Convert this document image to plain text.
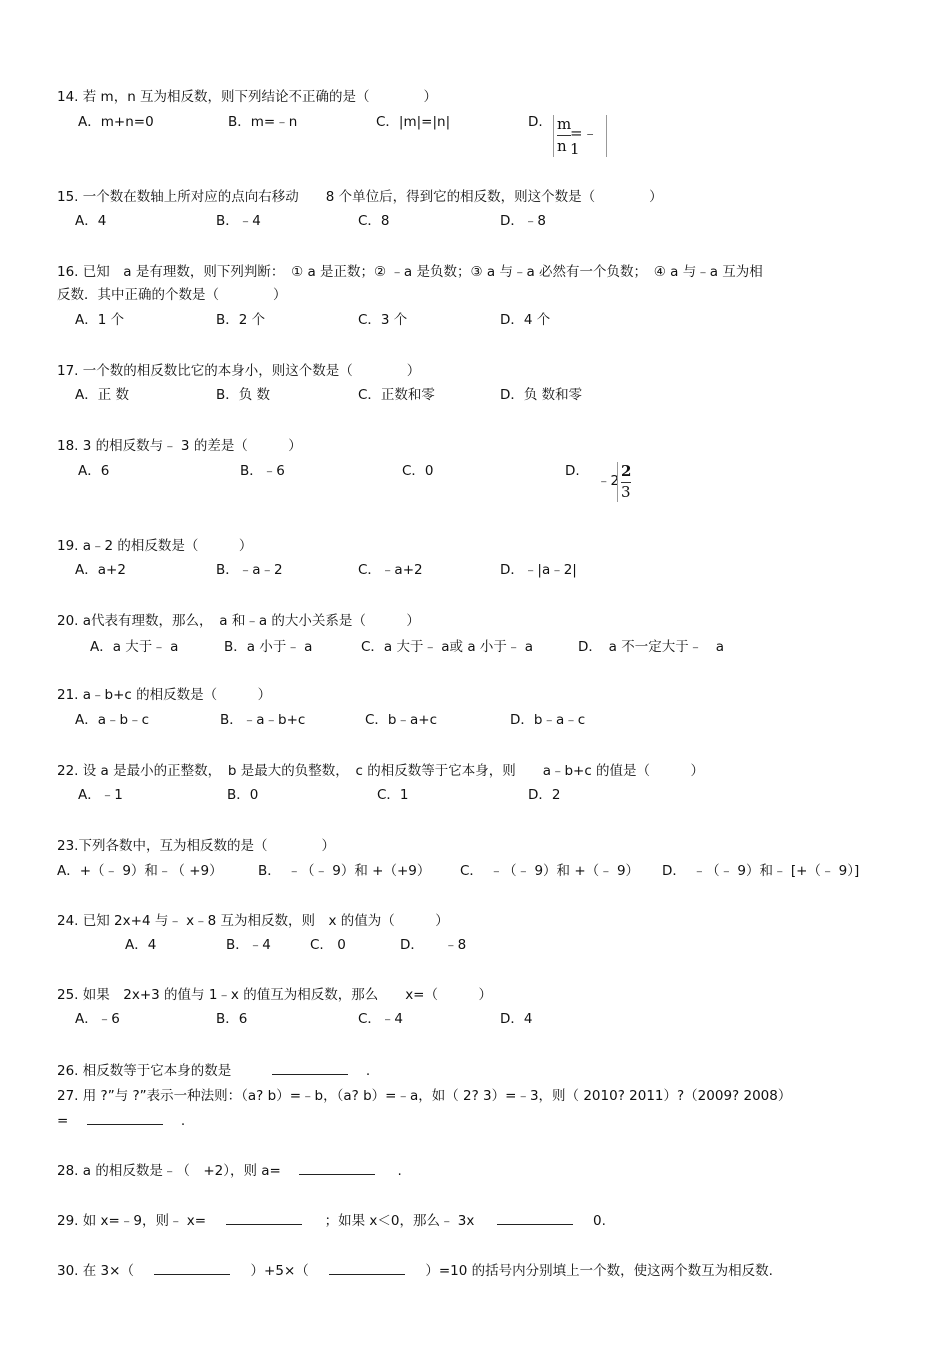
14. 若 m，n 互为相反数，则下列结论不正确的是（　　　　）
A．m+n=0	B．m=﹣n	C．|m|=|n|	D. m
n
=﹣1
15. 一个数在数轴上所对应的点向右移动　　8 个单位后，得到它的相反数，则这个数是（　　　　）
A．4	B．﹣4	C．8	D．﹣8
16. 已知　a 是有理数，则下列判断：　① a 是正数；② ﹣a 是负数；③ a 与﹣a 必然有一个负数；　④ a 与﹣a 互为相
反数．其中正确的个数是（　　　　）
A．1 个	B．2 个	C．3 个	D．4 个
17. 一个数的相反数比它的本身小，则这个数是（　　　　）
A．正 数	B．负 数	C．正数和零	D．负 数和零
18. 3 的相反数与﹣ 3 的差是（　　　）
A．6	B．﹣6	C．0	D.
﹣2
2
3
19. a﹣2 的相反数是（　　　）
A．a+2	B．﹣a﹣2	C．﹣a+2	D．﹣|a﹣2|
20. a代表有理数，那么，　a 和﹣a 的大小关系是（　　　）
A．a 大于﹣ a	B．a 小于﹣ a	C．a 大于﹣ a或 a 小于﹣ a	D．　a 不一定大于﹣　a
21. a﹣b+c 的相反数是（　　　）
A．a﹣b﹣c	B．﹣a﹣b+c	C．b﹣a+c	D．b﹣a﹣c
22. 设 a 是最小的正整数，　b 是最大的负整数，　c 的相反数等于它本身，则　　a﹣b+c 的值是（　　　）
A．﹣1	B．0	C．1	D．2
23.下列各数中，互为相反数的是（　　　　）
A．+（﹣ 9）和﹣（ +9）	B．　﹣（﹣ 9）和 +（+9） C．　﹣（﹣ 9）和 +（﹣ 9） D．　﹣（﹣ 9）和﹣ [+（﹣ 9）]
24. 已知 2x+4 与﹣ x﹣8 互为相反数，则　x 的值为（　　　）
A．4	B．﹣4	C.　0	D．　　﹣8
25. 如果　2x+3 的值与 1﹣x 的值互为相反数，那么　　x=（　　　）
A．﹣6	B．6	C．﹣4	D．4
26. 相反数等于它本身的数是	.
27. 用 ?”与 ?”表示一种法则：（a? b）=﹣b，（a? b）=﹣a，如（ 2? 3）=﹣3，则（ 2010? 2011）?（2009? 2008）
=	.
28. a 的相反数是﹣（　+2），则 a=	.
29. 如 x=﹣9，则﹣ x=	；如果 x＜0，那么﹣ 3x	0.
30. 在 3×（	）+5×（	）=10 的括号内分别填上一个数，使这两个数互为相反数.
